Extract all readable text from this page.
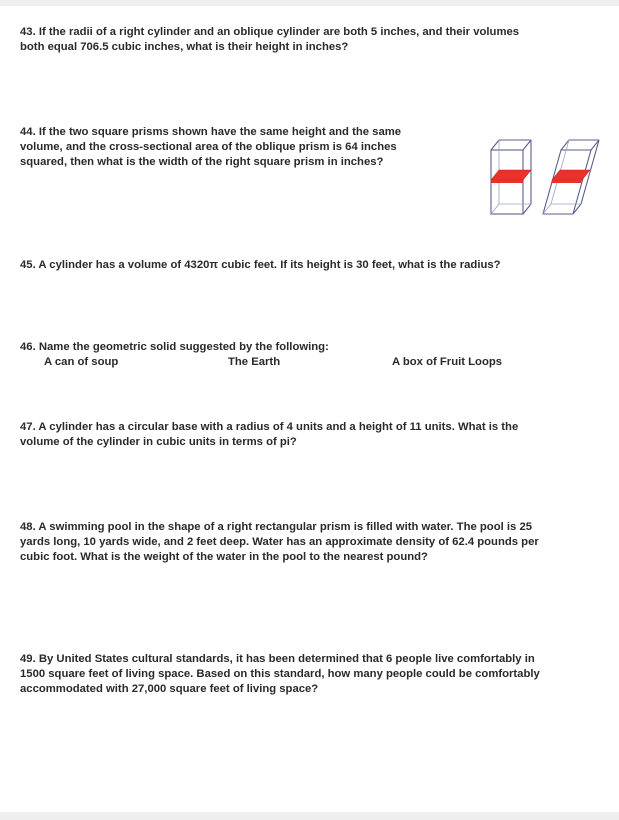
43. If the radii of a right cylinder and an oblique cylinder are both 5 inches, and their volumes
both equal 706.5 cubic inches, what is their height in inches?

44. If the two square prisms shown have the same height and the same
volume, and the cross-sectional area of the oblique prism is 64 inches
squared, then what is the width of the right square prism in inches?

45. A cylinder has a volume of 4320π cubic feet. If its height is 30 feet, what is the radius?

46. Name the geometric solid suggested by the following:

A can of soup	The Earth	A box of Fruit Loops

47. A cylinder has a circular base with a radius of 4 units and a height of 11 units. What is the
volume of the cylinder in cubic units in terms of pi?

48. A swimming pool in the shape of a right rectangular prism is filled with water. The pool is 25
yards long, 10 yards wide, and 2 feet deep. Water has an approximate density of 62.4 pounds per
cubic foot. What is the weight of the water in the pool to the nearest pound?

49. By United States cultural standards, it has been determined that 6 people live comfortably in
1500 square feet of living space. Based on this standard, how many people could be comfortably
accommodated with 27,000 square feet of living space?
